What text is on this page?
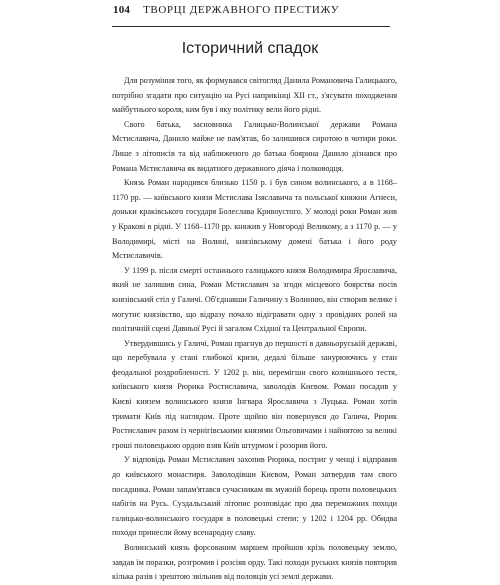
104 ТВОРЦІ ДЕРЖАВНОГО ПРЕСТИЖУ
Історичний спадок

Для розуміння того, як формувався світогляд Данила Романовича Галицького, потрібно згадати про ситуацію на Русі наприкінці XII ст., з'ясувати походження майбутнього короля, ким був і яку політику вели його рідні.

Свого батька, засновника Галицько-Волинської держави Романа Мстиславича, Данило майже не пам'ятав, бо залишився сиротою в чотири роки. Лише з літописів та від наближеного до батька боярина Данило дізнався про Романа Мстиславича як видатного державного діяча і полководця.

Князь Роман народився близько 1150 р. і був сином волинського, а в 1168–1170 рр. — київського князя Мстислава Ізяславича та польської княжни Агнеси, доньки краківського государя Болеслава Кривоустого. У молоді роки Роман жив у Кракові в рідні. У 1168–1170 рр. княжив у Новгороді Великому, а з 1170 р. — у Володимирі, місті на Волині, князівському домені батька і його роду Мстиславичів.

У 1199 р. після смерті останнього галицького князя Володимира Ярославича, який не залишив сина, Роман Мстиславич за згоди місцевого боярства посів князівський стіл у Галичі. Об'єднавши Галичину з Волинню, він створив велике і могутнє князівство, що відразу почало відігравати одну з провідних ролей на політичній сцені Давньої Русі й загалом Східної та Центральної Європи.

Утвердившись у Галичі, Роман прагнув до першості в давньоруській державі, що перебувала у стані глибокої кризи, дедалі більше занурюючись у стан феодальної роздробленості. У 1202 р. він, перемігши свого колишнього тестя, київського князя Рюрика Ростиславича, заволодів Києвом. Роман посадив у Києві князем волинського князя Інгвара Ярославича з Луцька. Роман хотів тримати Київ під наглядом. Проте щойно він повернувся до Галича, Рюрик Ростиславич разом із чернігівськими князями Ольговичами і найнятою за великі гроші половецькою ордою взяв Київ штурмом і розорив його.

У відповідь Роман Мстиславич захопив Рюрика, постриг у ченці і відправив до київського монастиря. Заволодівши Києвом, Роман затвердив там свого посадника. Роман запам'ятався сучасникам як мужній борець проти половецьких набігів на Русь. Суздальський літопис розповідає про два переможних походи галицько-волинського государя в половецькі степи: у 1202 і 1204 рр. Обидва походи принесли йому всенародну славу.

Волинський князь форсованим маршем пройшов крізь половецьку землю, завдав їм поразки, розгромив і розсіяв орду. Такі походи руських князів повторив кілька разів і зрештою звільнив від половців усі землі держави.
